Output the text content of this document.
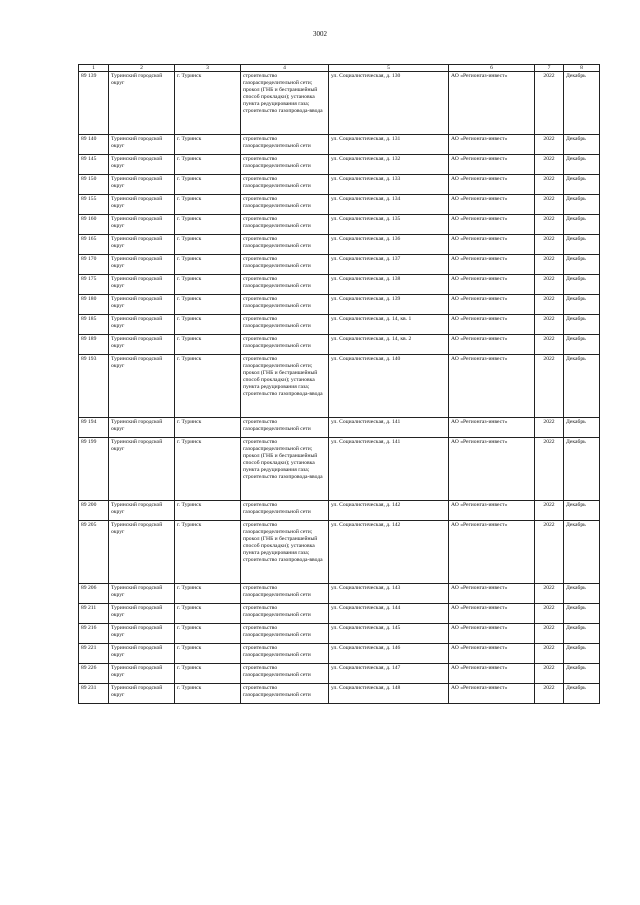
3002
1	2	3	4	5	6	7	8
89 139	Туринский городской округ	г. Туринск	строительство газораспределительной сети; прокол (ГНБ и бестраншейный способ прокладки); установка пункта редуцирования газа; строительство газопровода-ввода	ул. Социалистическая, д. 130	АО «Регионгаз-инвест»	2022	Декабрь
89 140	Туринский городской округ	г. Туринск	строительство газораспределительной сети	ул. Социалистическая, д. 131	АО «Регионгаз-инвест»	2022	Декабрь
89 145	Туринский городской округ	г. Туринск	строительство газораспределительной сети	ул. Социалистическая, д. 132	АО «Регионгаз-инвест»	2022	Декабрь
89 150	Туринский городской округ	г. Туринск	строительство газораспределительной сети	ул. Социалистическая, д. 133	АО «Регионгаз-инвест»	2022	Декабрь
89 155	Туринский городской округ	г. Туринск	строительство газораспределительной сети	ул. Социалистическая, д. 134	АО «Регионгаз-инвест»	2022	Декабрь
89 160	Туринский городской округ	г. Туринск	строительство газораспределительной сети	ул. Социалистическая, д. 135	АО «Регионгаз-инвест»	2022	Декабрь
89 165	Туринский городской округ	г. Туринск	строительство газораспределительной сети	ул. Социалистическая, д. 136	АО «Регионгаз-инвест»	2022	Декабрь
89 170	Туринский городской округ	г. Туринск	строительство газораспределительной сети	ул. Социалистическая, д. 137	АО «Регионгаз-инвест»	2022	Декабрь
89 175	Туринский городской округ	г. Туринск	строительство газораспределительной сети	ул. Социалистическая, д. 138	АО «Регионгаз-инвест»	2022	Декабрь
89 180	Туринский городской округ	г. Туринск	строительство газораспределительной сети	ул. Социалистическая, д. 139	АО «Регионгаз-инвест»	2022	Декабрь
89 185	Туринский городской округ	г. Туринск	строительство газораспределительной сети	ул. Социалистическая, д. 14, кв. 1	АО «Регионгаз-инвест»	2022	Декабрь
89 189	Туринский городской округ	г. Туринск	строительство газораспределительной сети	ул. Социалистическая, д. 14, кв. 2	АО «Регионгаз-инвест»	2022	Декабрь
89 193	Туринский городской округ	г. Туринск	строительство газораспределительной сети; прокол (ГНБ и бестраншейный способ прокладки); установка пункта редуцирования газа; строительство газопровода-ввода	ул. Социалистическая, д. 140	АО «Регионгаз-инвест»	2022	Декабрь
89 194	Туринский городской округ	г. Туринск	строительство газораспределительной сети	ул. Социалистическая, д. 141	АО «Регионгаз-инвест»	2022	Декабрь
89 199	Туринский городской округ	г. Туринск	строительство газораспределительной сети; прокол (ГНБ и бестраншейный способ прокладки); установка пункта редуцирования газа; строительство газопровода-ввода	ул. Социалистическая, д. 141	АО «Регионгаз-инвест»	2022	Декабрь
89 200	Туринский городской округ	г. Туринск	строительство газораспределительной сети	ул. Социалистическая, д. 142	АО «Регионгаз-инвест»	2022	Декабрь
89 205	Туринский городской округ	г. Туринск	строительство газораспределительной сети; прокол (ГНБ и бестраншейный способ прокладки); установка пункта редуцирования газа; строительство газопровода-ввода	ул. Социалистическая, д. 142	АО «Регионгаз-инвест»	2022	Декабрь
89 206	Туринский городской округ	г. Туринск	строительство газораспределительной сети	ул. Социалистическая, д. 143	АО «Регионгаз-инвест»	2022	Декабрь
89 211	Туринский городской округ	г. Туринск	строительство газораспределительной сети	ул. Социалистическая, д. 144	АО «Регионгаз-инвест»	2022	Декабрь
89 216	Туринский городской округ	г. Туринск	строительство газораспределительной сети	ул. Социалистическая, д. 145	АО «Регионгаз-инвест»	2022	Декабрь
89 221	Туринский городской округ	г. Туринск	строительство газораспределительной сети	ул. Социалистическая, д. 146	АО «Регионгаз-инвест»	2022	Декабрь
89 226	Туринский городской округ	г. Туринск	строительство газораспределительной сети	ул. Социалистическая, д. 147	АО «Регионгаз-инвест»	2022	Декабрь
89 231	Туринский городской округ	г. Туринск	строительство газораспределительной сети	ул. Социалистическая, д. 148	АО «Регионгаз-инвест»	2022	Декабрь
